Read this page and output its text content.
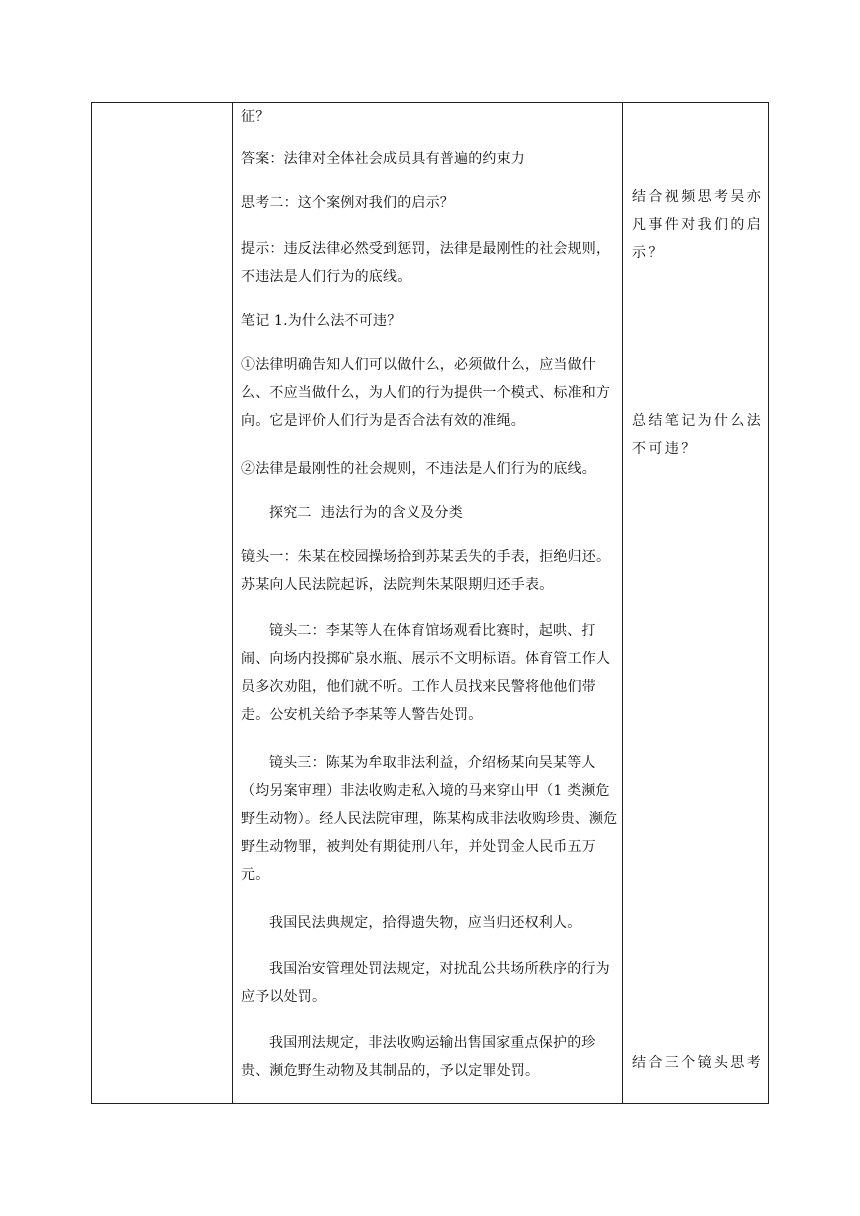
征？

答案：法律对全体社会成员具有普遍的约束力

思考二：这个案例对我们的启示？

提示：违反法律必然受到惩罚，法律是最刚性的社会规则，不违法是人们行为的底线。

笔记 1.为什么法不可违？

①法律明确告知人们可以做什么，必须做什么，应当做什么、不应当做什么，为人们的行为提供一个模式、标准和方向。它是评价人们行为是否合法有效的准绳。

②法律是最刚性的社会规则，不违法是人们行为的底线。

探究二  违法行为的含义及分类

镜头一：朱某在校园操场拾到苏某丢失的手表，拒绝归还。苏某向人民法院起诉，法院判朱某限期归还手表。

镜头二：李某等人在体育馆场观看比赛时，起哄、打闹、向场内投掷矿泉水瓶、展示不文明标语。体育管工作人员多次劝阻，他们就不听。工作人员找来民警将他他们带走。公安机关给予李某等人警告处罚。

镜头三：陈某为牟取非法利益，介绍杨某向吴某等人（均另案审理）非法收购走私入境的马来穿山甲（1 类濒危野生动物）。经人民法院审理，陈某构成非法收购珍贵、濒危野生动物罪，被判处有期徒刑八年，并处罚金人民币五万元。

我国民法典规定，拾得遗失物，应当归还权利人。

我国治安管理处罚法规定，对扰乱公共场所秩序的行为应予以处罚。

我国刑法规定，非法收购运输出售国家重点保护的珍贵、濒危野生动物及其制品的，予以定罪处罚。

结合视频思考吴亦凡事件对我们的启示？

总结笔记为什么法不可违？

结合三个镜头思考
